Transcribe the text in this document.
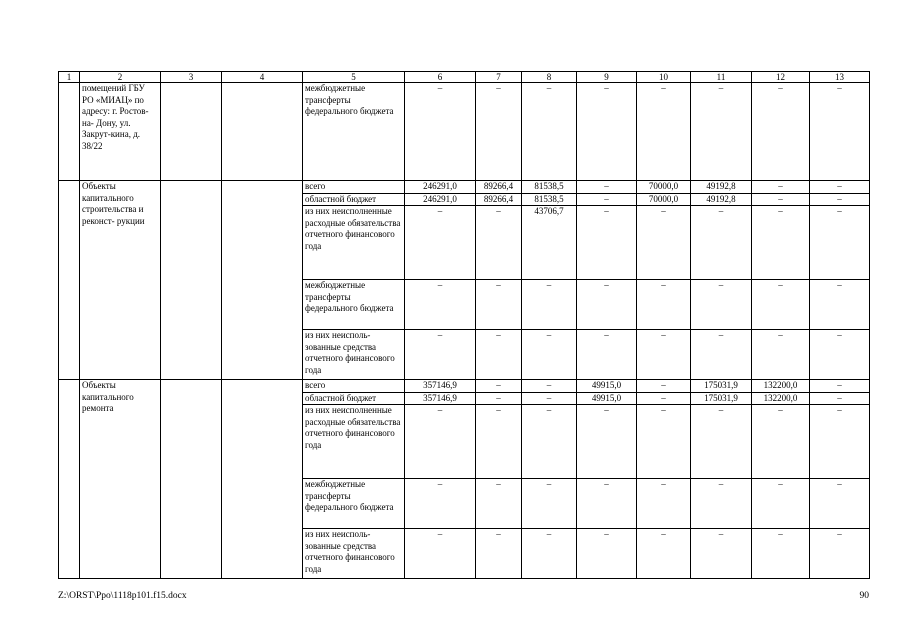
1	2	3	4	5	6	7	8	9	10	11	12	13
	помещений ГБУ РО «МИАЦ» по адресу: г. Ростов-на- Дону, ул. Закрут-кина, д. 38/22			межбюджетные трансферты федерального бюджета	–	–	–	–	–	–	–	–
	Объекты капитального строительства и реконст- рукции			всего	246291,0	89266,4	81538,5	–	70000,0	49192,8	–	–
				областной бюджет	246291,0	89266,4	81538,5	–	70000,0	49192,8	–	–
				из них неисполненные расходные обязательства отчетного финансового года	–	–	43706,7	–	–	–	–	–
				межбюджетные трансферты федерального бюджета	–	–	–	–	–	–	–	–
				из них неисполь- зованные средства отчетного финансового года	–	–	–	–	–	–	–	–
	Объекты капитального ремонта			всего	357146,9	–	–	49915,0	–	175031,9	132200,0	–
				областной бюджет	357146,9	–	–	49915,0	–	175031,9	132200,0	–
				из них неисполненные расходные обязательства отчетного финансового года	–	–	–	–	–	–	–	–
				межбюджетные трансферты федерального бюджета	–	–	–	–	–	–	–	–
				из них неисполь- зованные средства отчетного финансового года	–	–	–	–	–	–	–	–
Z:\ORST\Ppo\1118p101.f15.docx	90
